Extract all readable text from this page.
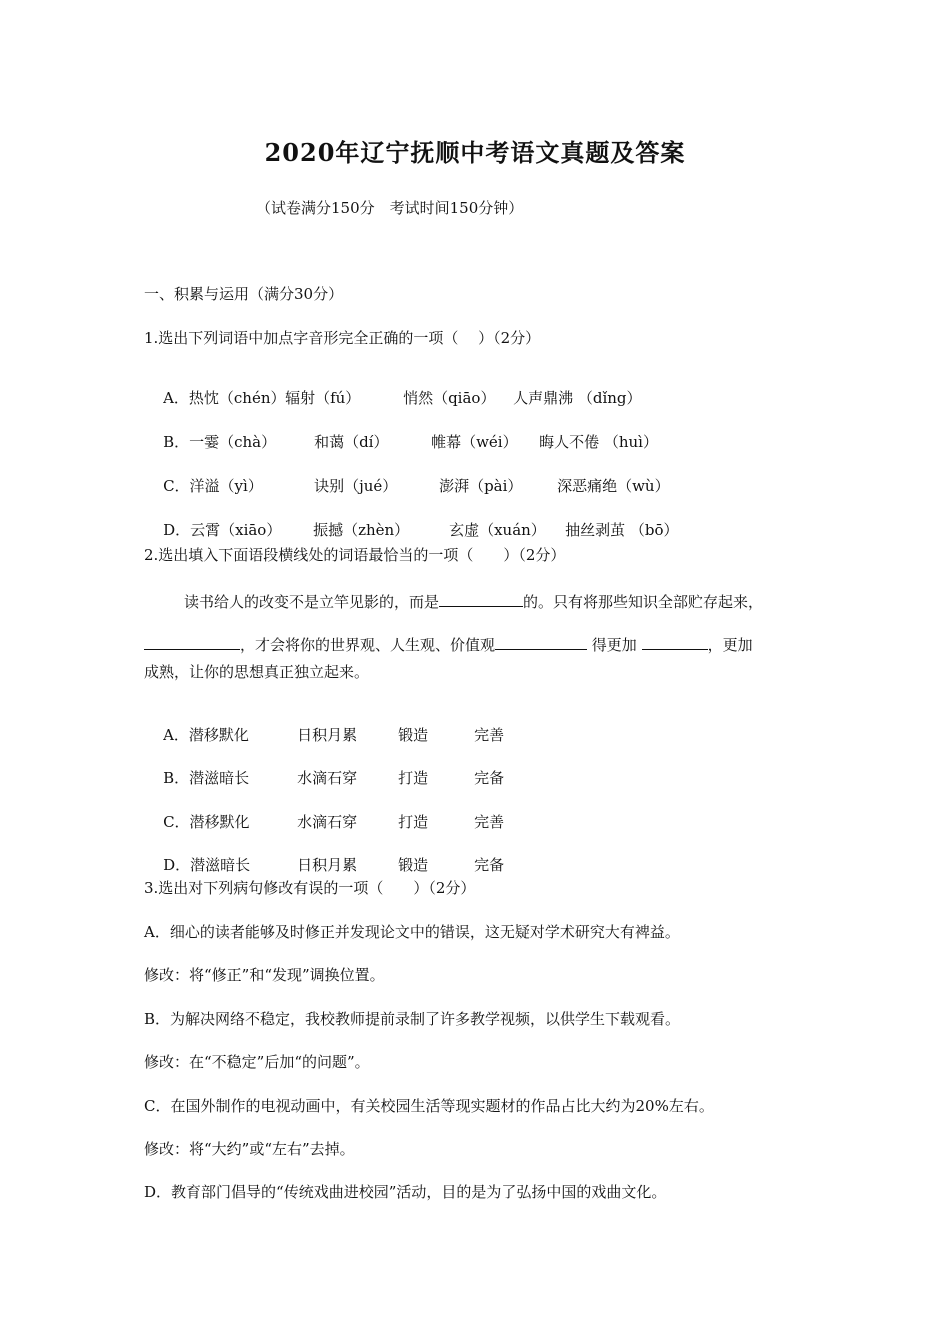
2020年辽宁抚顺中考语文真题及答案
（试卷满分150分　考试时间150分钟）
一、积累与运用（满分30分）
1.选出下列词语中加点字音形完全正确的一项（　 ）（2分）

A．热忱（chén）辐射（fú）	悄然（qiāo） 人声鼎沸 （dǐng）

B．一霎（chà）	和蔼（dí）	帷幕（wéi） 晦人不倦 （huì）

C．洋溢（yì）	诀别（jué）	澎湃（pài） 深恶痛绝（wù）

D．云霄（xiāo） 振撼（zhèn）	玄虚（xuán） 抽丝剥茧 （bō）

2.选出填入下面语段横线处的词语最恰当的一项（　　）（2分）
读书给人的改变不是立竿见影的，而是	的。只有将那些知识全部贮存起来，
，才会将你的世界观、人生观、价值观	得更加	，更加
成熟，让你的思想真正独立起来。

A．潜移默化	日积月累	锻造	完善

B．潜滋暗长	水滴石穿	打造	完备

C．潜移默化	水滴石穿	打造	完善

D．潜滋暗长	日积月累	锻造	完备

3.选出对下列病句修改有误的一项（　　）（2分）
A．细心的读者能够及时修正并发现论文中的错误，这无疑对学术研究大有裨益。
修改：将“修正”和“发现”调换位置。
B．为解决网络不稳定，我校教师提前录制了许多教学视频，以供学生下载观看。
修改：在“不稳定”后加“的问题”。
C．在国外制作的电视动画中，有关校园生活等现实题材的作品占比大约为20%左右。
修改：将“大约”或“左右”去掉。
D．教育部门倡导的“传统戏曲进校园”活动，目的是为了弘扬中国的戏曲文化。
